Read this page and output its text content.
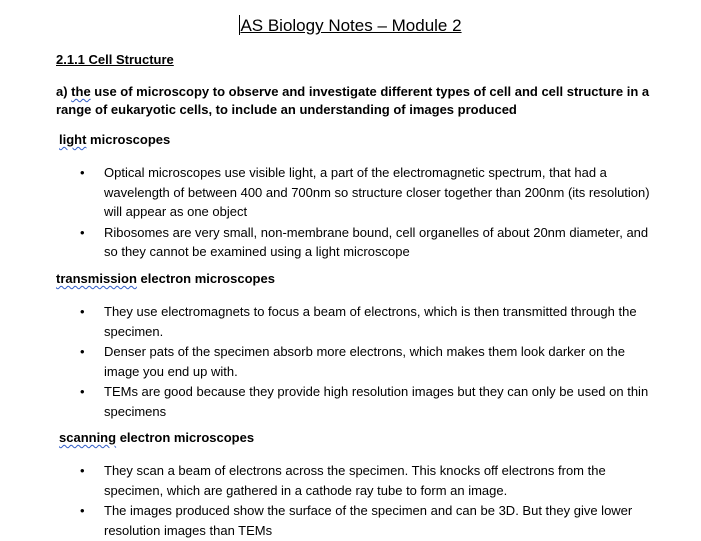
AS Biology Notes – Module 2
2.1.1 Cell Structure
a) the use of microscopy to observe and investigate different types of cell and cell structure in a range of eukaryotic cells, to include an understanding of images produced
light microscopes
• Optical microscopes use visible light, a part of the electromagnetic spectrum, that had a wavelength of between 400 and 700nm so structure closer together than 200nm (its resolution) will appear as one object
• Ribosomes are very small, non-membrane bound, cell organelles of about 20nm diameter, and so they cannot be examined using a light microscope
transmission electron microscopes
• They use electromagnets to focus a beam of electrons, which is then transmitted through the specimen.
• Denser pats of the specimen absorb more electrons, which makes them look darker on the image you end up with.
• TEMs are good because they provide high resolution images but they can only be used on thin specimens
scanning electron microscopes
• They scan a beam of electrons across the specimen. This knocks off electrons from the specimen, which are gathered in a cathode ray tube to form an image.
• The images produced show the surface of the specimen and can be 3D. But they give lower resolution images than TEMs
